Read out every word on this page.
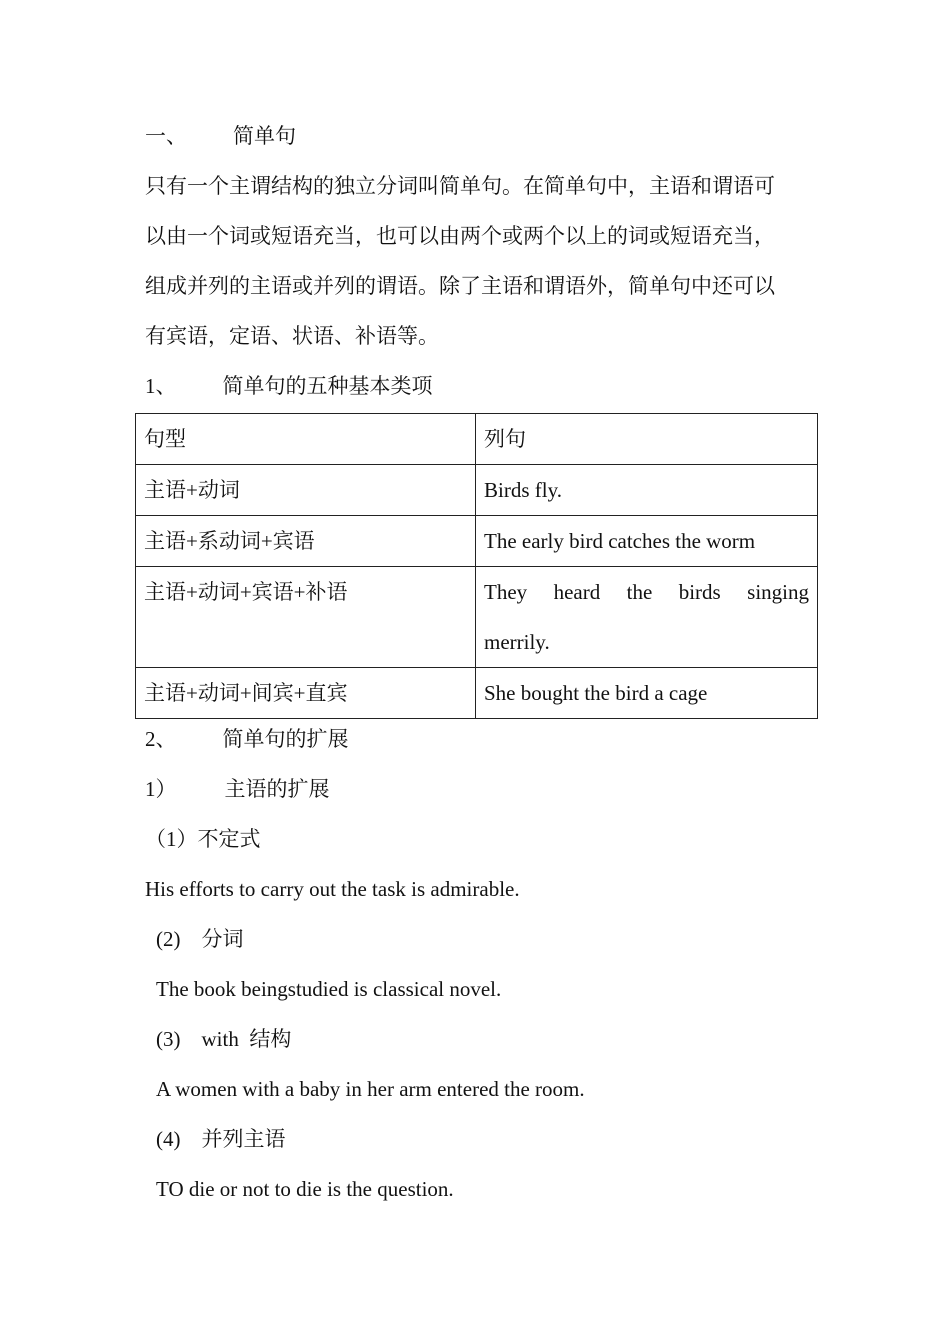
一、 简单句
只有一个主谓结构的独立分词叫简单句。在简单句中，主语和谓语可
以由一个词或短语充当，也可以由两个或两个以上的词或短语充当，
组成并列的主语或并列的谓语。除了主语和谓语外，简单句中还可以
有宾语，定语、状语、补语等。
1、 简单句的五种基本类项
句型	列句
主语+动词	Birds fly.
主语+系动词+宾语	The early bird catches the worm
主语+动词+宾语+补语	They heard the birds singing
merrily.

主语+动词+间宾+直宾	She bought the bird a cage
2、 简单句的扩展
1） 主语的扩展
（1）不定式
His efforts to carry out the task is admirable.
(2)    分词
The book beingstudied is classical novel.
(3)    with  结构
A women with a baby in her arm entered the room.
(4)    并列主语
TO die or not to die is the question.
